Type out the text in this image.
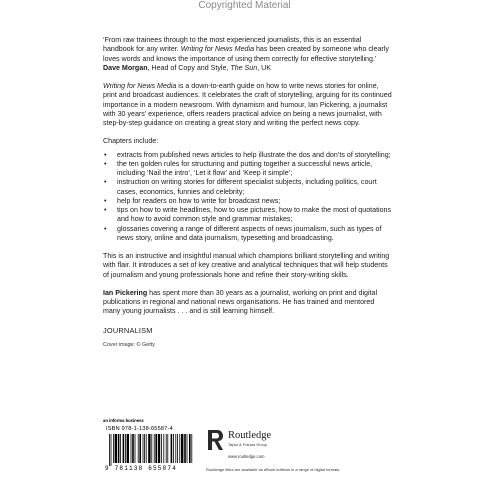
Copyrighted Material

‘From raw trainees through to the most experienced journalists, this is an essential handbook for any writer. Writing for News Media has been created by someone who clearly loves words and knows the importance of using them correctly for effective storytelling.’

Dave Morgan, Head of Copy and Style, The Sun, UK

Writing for News Media is a down-to-earth guide on how to write news stories for online, print and broadcast audiences. It celebrates the craft of storytelling, arguing for its continued importance in a modern newsroom. With dynamism and humour, Ian Pickering, a journalist with 30 years’ experience, offers readers practical advice on being a news journalist, with step-by-step guidance on creating a great story and writing the perfect news copy.

Chapters include:
• extracts from published news articles to help illustrate the dos and don’ts of storytelling;
• the ten golden rules for structuring and putting together a successful news article, including ‘Nail the intro’, ‘Let it flow’ and ‘Keep it simple’;
• instruction on writing stories for different specialist subjects, including politics, court cases, economics, funnies and celebrity;
• help for readers on how to write for broadcast news;
• tips on how to write headlines, how to use pictures, how to make the most of quotations and how to avoid common style and grammar mistakes;
• glossaries covering a range of different aspects of news journalism, such as types of news story, online and data journalism, typesetting and broadcasting.

This is an instructive and insightful manual which champions brilliant storytelling and writing with flair. It introduces a set of key creative and analytical techniques that will help students of journalism and young professionals hone and refine their story-writing skills.

Ian Pickering has spent more than 30 years as a journalist, working on print and digital publications in regional and national news organisations. He has trained and mentored many young journalists . . . and is still learning himself.

JOURNALISM
Cover image: © Getty
an informa business
ISBN 978-1-138-65587-4
9 781138 655874
Routledge
Taylor & Francis Group
www.routledge.com
Routledge titles are available as eBook editions in a range of digital formats
